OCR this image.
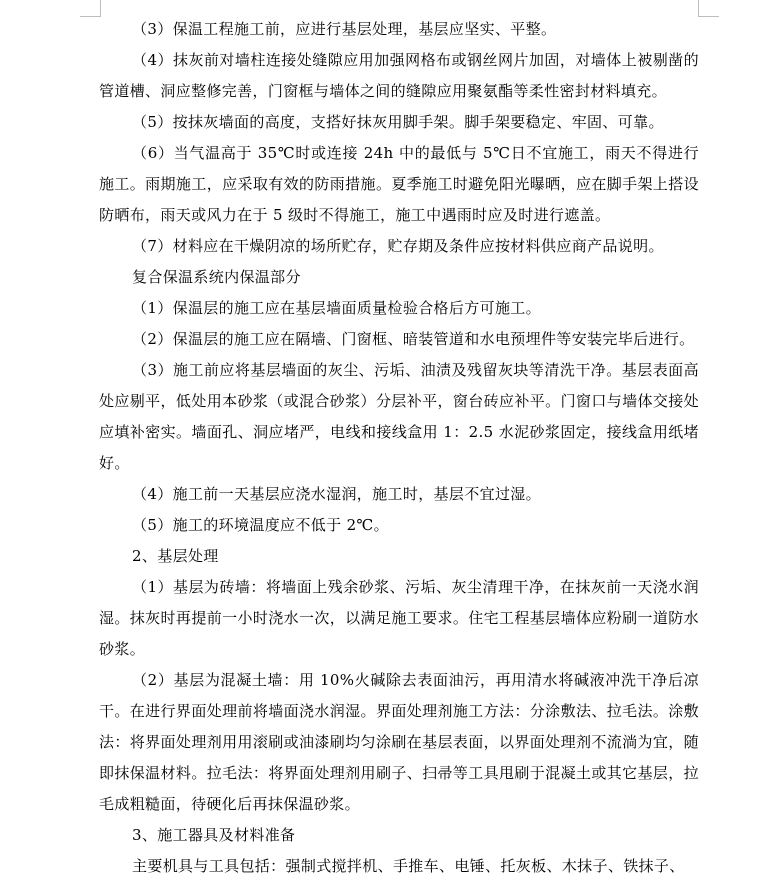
（3）保温工程施工前，应进行基层处理，基层应坚实、平整。

（4）抹灰前对墙柱连接处缝隙应用加强网格布或钢丝网片加固，对墙体上被剔凿的管道槽、洞应整修完善，门窗框与墙体之间的缝隙应用聚氨酯等柔性密封材料填充。

（5）按抹灰墙面的高度，支搭好抹灰用脚手架。脚手架要稳定、牢固、可靠。

（6）当气温高于 35℃时或连接 24h 中的最低与 5℃日不宜施工，雨天不得进行施工。雨期施工，应采取有效的防雨措施。夏季施工时避免阳光曝晒，应在脚手架上搭设防晒布，雨天或风力在于 5 级时不得施工，施工中遇雨时应及时进行遮盖。

（7）材料应在干燥阴凉的场所贮存，贮存期及条件应按材料供应商产品说明。

复合保温系统内保温部分

（1）保温层的施工应在基层墙面质量检验合格后方可施工。

（2）保温层的施工应在隔墙、门窗框、暗装管道和水电预埋件等安装完毕后进行。

（3）施工前应将基层墙面的灰尘、污垢、油渍及残留灰块等清洗干净。基层表面高处应剔平，低处用本砂浆（或混合砂浆）分层补平，窗台砖应补平。门窗口与墙体交接处应填补密实。墙面孔、洞应堵严，电线和接线盒用 1：2.5 水泥砂浆固定，接线盒用纸堵好。

（4）施工前一天基层应浇水湿润，施工时，基层不宜过湿。

（5）施工的环境温度应不低于 2℃。

2、基层处理

（1）基层为砖墙：将墙面上残余砂浆、污垢、灰尘清理干净，在抹灰前一天浇水润湿。抹灰时再提前一小时浇水一次，以满足施工要求。住宅工程基层墙体应粉刷一道防水砂浆。

（2）基层为混凝土墙：用 10%火碱除去表面油污，再用清水将碱液冲洗干净后凉干。在进行界面处理前将墙面浇水润湿。界面处理剂施工方法：分涂敷法、拉毛法。涂敷法：将界面处理剂用用滚刷或油漆刷均匀涂刷在基层表面，以界面处理剂不流淌为宜，随即抹保温材料。拉毛法：将界面处理剂用刷子、扫帚等工具甩刷于混凝土或其它基层，拉毛成粗糙面，待硬化后再抹保温砂浆。

3、施工器具及材料准备

主要机具与工具包括：强制式搅拌机、手推车、电锤、托灰板、木抹子、铁抹子、
